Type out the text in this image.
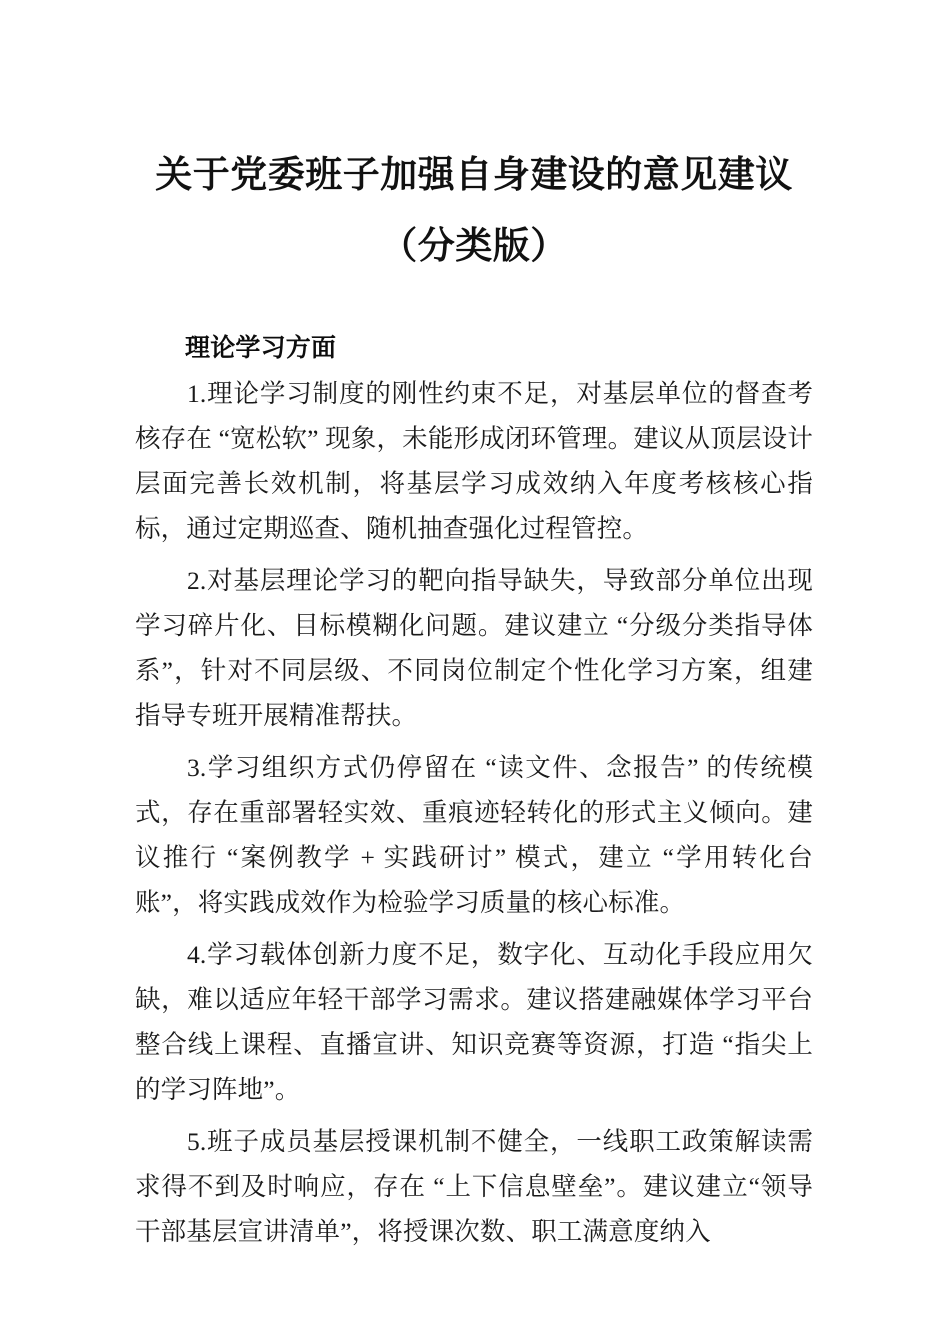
关于党委班子加强自身建设的意见建议
（分类版）
理论学习方面

1.理论学习制度的刚性约束不足，对基层单位的督查考核存在 “宽松软” 现象，未能形成闭环管理。建议从顶层设计层面完善长效机制，将基层学习成效纳入年度考核核心指标，通过定期巡查、随机抽查强化过程管控。

2.对基层理论学习的靶向指导缺失，导致部分单位出现学习碎片化、目标模糊化问题。建议建立 “分级分类指导体系”，针对不同层级、不同岗位制定个性化学习方案，组建指导专班开展精准帮扶。

3.学习组织方式仍停留在 “读文件、念报告” 的传统模式，存在重部署轻实效、重痕迹轻转化的形式主义倾向。建议推行 “案例教学 + 实践研讨” 模式，建立 “学用转化台账”，将实践成效作为检验学习质量的核心标准。

4.学习载体创新力度不足，数字化、互动化手段应用欠缺，难以适应年轻干部学习需求。建议搭建融媒体学习平台整合线上课程、直播宣讲、知识竞赛等资源，打造 “指尖上的学习阵地”。

5.班子成员基层授课机制不健全，一线职工政策解读需求得不到及时响应，存在 “上下信息壁垒”。建议建立“领导干部基层宣讲清单”，将授课次数、职工满意度纳入
